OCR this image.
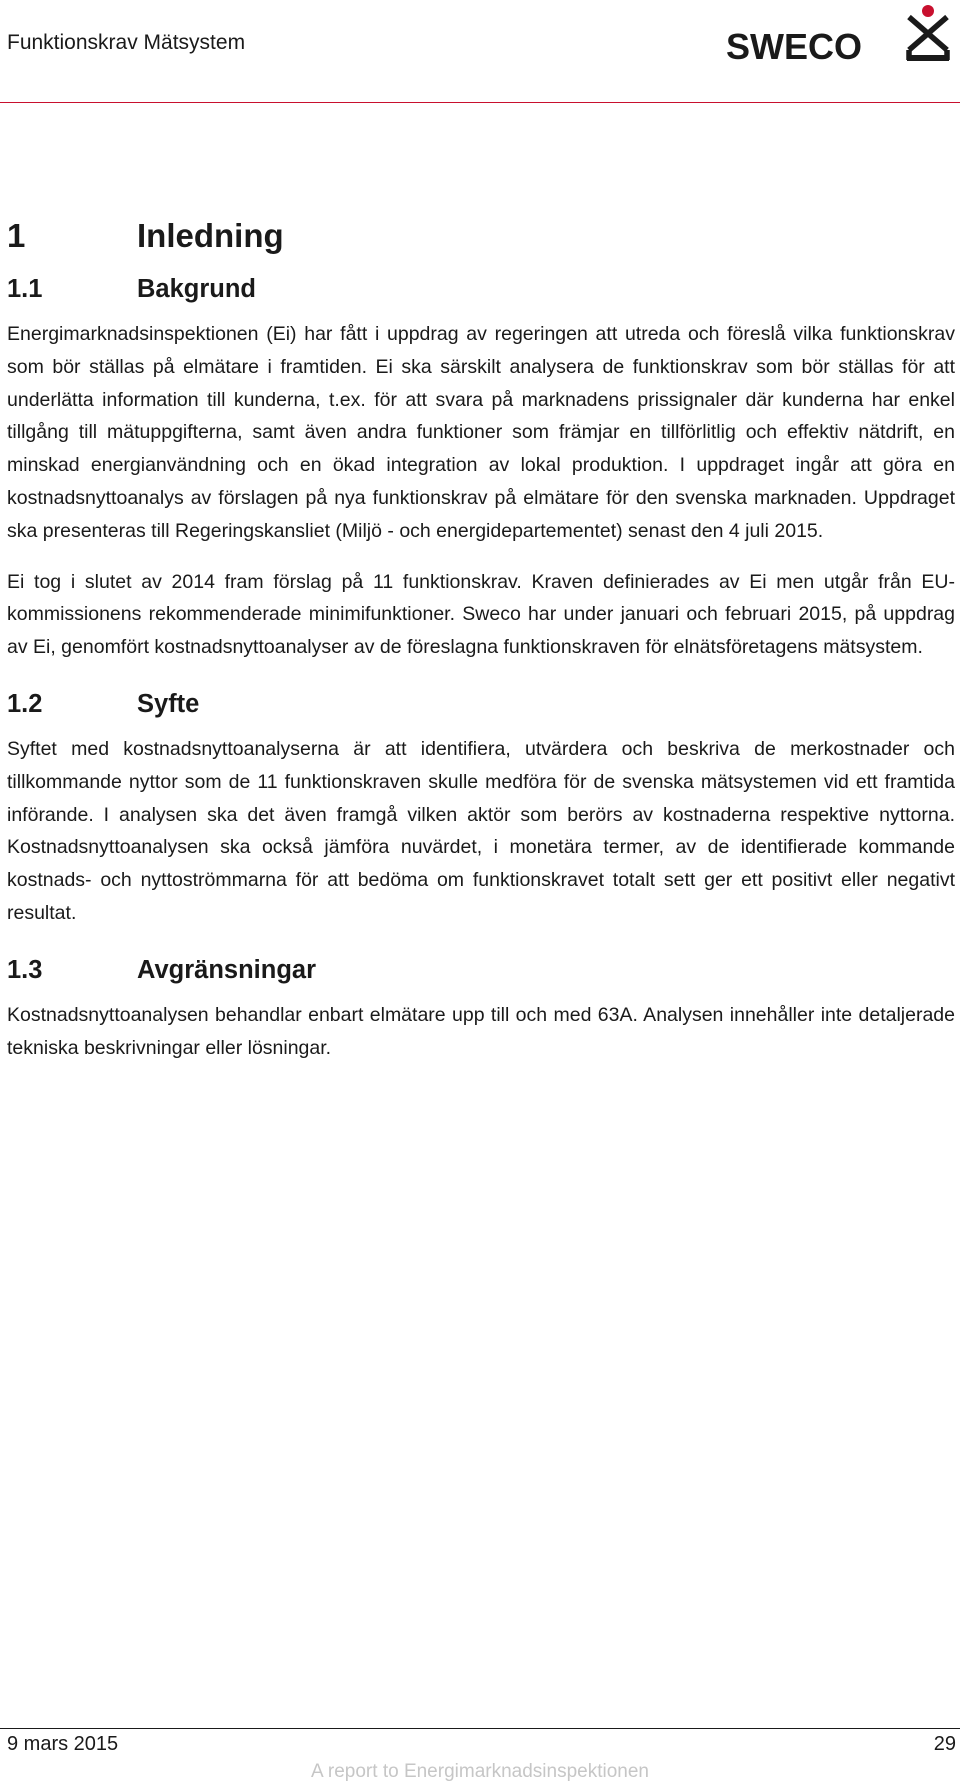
Funktionskrav Mätsystem	SWECO
1	Inledning
1.1	Bakgrund

Energimarknadsinspektionen (Ei) har fått i uppdrag av regeringen att utreda och föreslå vilka funktionskrav som bör ställas på elmätare i framtiden. Ei ska särskilt analysera de funktionskrav som bör ställas för att underlätta information till kunderna, t.ex. för att svara på marknadens prissignaler där kunderna har enkel tillgång till mätuppgifterna, samt även andra funktioner som främjar en tillförlitlig och effektiv nätdrift, en minskad energianvändning och en ökad integration av lokal produktion. I uppdraget ingår att göra en kostnadsnyttoanalys av förslagen på nya funktionskrav på elmätare för den svenska marknaden. Uppdraget ska presenteras till Regeringskansliet (Miljö - och energidepartementet) senast den 4 juli 2015.

Ei tog i slutet av 2014 fram förslag på 11 funktionskrav. Kraven definierades av Ei men utgår från EU-kommissionens rekommenderade minimifunktioner. Sweco har under januari och februari 2015, på uppdrag av Ei, genomfört kostnadsnyttoanalyser av de föreslagna funktionskraven för elnätsföretagens mätsystem.

1.2	Syfte

Syftet med kostnadsnyttoanalyserna är att identifiera, utvärdera och beskriva de merkostnader och tillkommande nyttor som de 11 funktionskraven skulle medföra för de svenska mätsystemen vid ett framtida införande. I analysen ska det även framgå vilken aktör som berörs av kostnaderna respektive nyttorna. Kostnadsnyttoanalysen ska också jämföra nuvärdet, i monetära termer, av de identifierade kommande kostnads- och nyttoströmmarna för att bedöma om funktionskravet totalt sett ger ett positivt eller negativt resultat.

1.3	Avgränsningar

Kostnadsnyttoanalysen behandlar enbart elmätare upp till och med 63A. Analysen innehåller inte detaljerade tekniska beskrivningar eller lösningar.

9 mars 2015	29
A report to Energimarknadsinspektionen
